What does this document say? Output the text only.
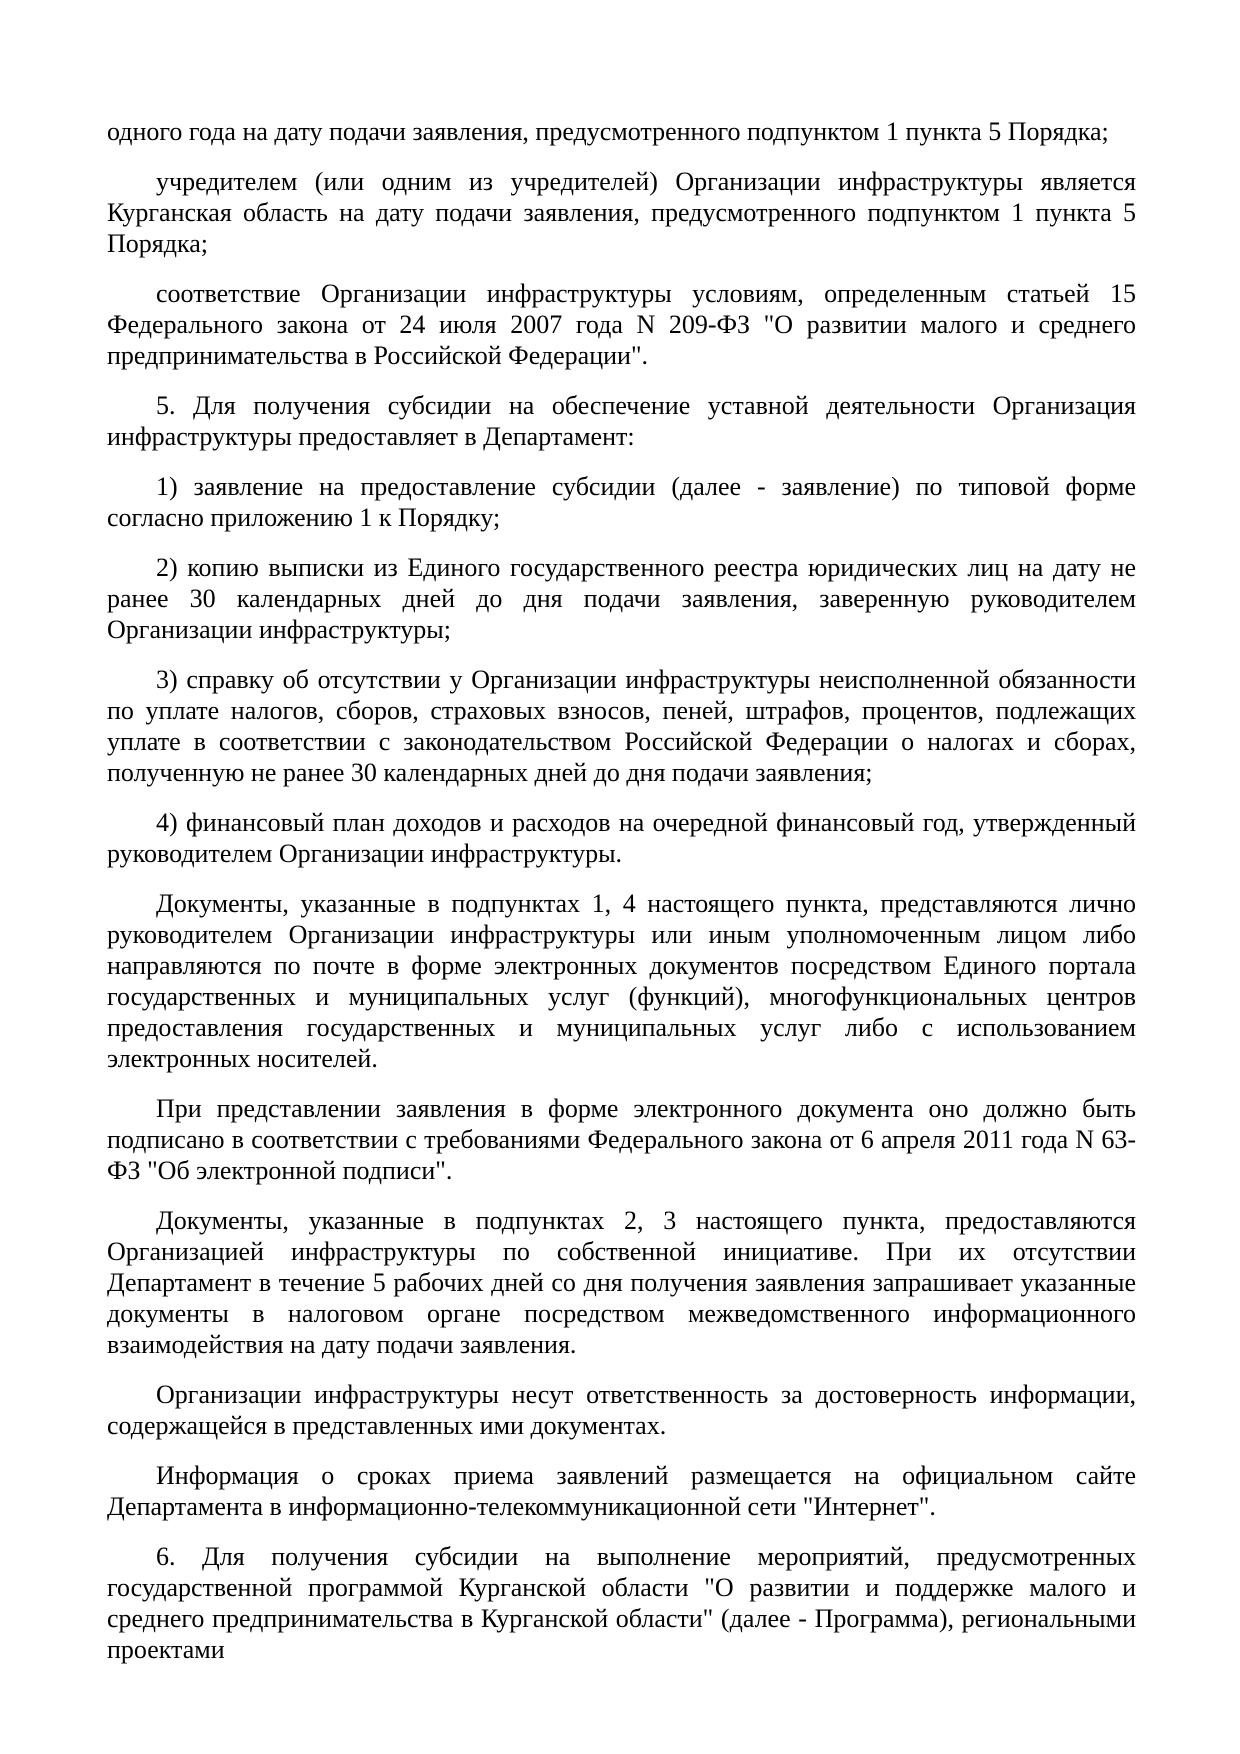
одного года на дату подачи заявления, предусмотренного подпунктом 1 пункта 5 Порядка;

учредителем (или одним из учредителей) Организации инфраструктуры является Курганская область на дату подачи заявления, предусмотренного подпунктом 1 пункта 5 Порядка;

соответствие Организации инфраструктуры условиям, определенным статьей 15 Федерального закона от 24 июля 2007 года N 209-ФЗ "О развитии малого и среднего предпринимательства в Российской Федерации".

5. Для получения субсидии на обеспечение уставной деятельности Организация инфраструктуры предоставляет в Департамент:

1) заявление на предоставление субсидии (далее - заявление) по типовой форме согласно приложению 1 к Порядку;

2) копию выписки из Единого государственного реестра юридических лиц на дату не ранее 30 календарных дней до дня подачи заявления, заверенную руководителем Организации инфраструктуры;

3) справку об отсутствии у Организации инфраструктуры неисполненной обязанности по уплате налогов, сборов, страховых взносов, пеней, штрафов, процентов, подлежащих уплате в соответствии с законодательством Российской Федерации о налогах и сборах, полученную не ранее 30 календарных дней до дня подачи заявления;

4) финансовый план доходов и расходов на очередной финансовый год, утвержденный руководителем Организации инфраструктуры.

Документы, указанные в подпунктах 1, 4 настоящего пункта, представляются лично руководителем Организации инфраструктуры или иным уполномоченным лицом либо направляются по почте в форме электронных документов посредством Единого портала государственных и муниципальных услуг (функций), многофункциональных центров предоставления государственных и муниципальных услуг либо с использованием электронных носителей.

При представлении заявления в форме электронного документа оно должно быть подписано в соответствии с требованиями Федерального закона от 6 апреля 2011 года N 63-ФЗ "Об электронной подписи".

Документы, указанные в подпунктах 2, 3 настоящего пункта, предоставляются Организацией инфраструктуры по собственной инициативе. При их отсутствии Департамент в течение 5 рабочих дней со дня получения заявления запрашивает указанные документы в налоговом органе посредством межведомственного информационного взаимодействия на дату подачи заявления.

Организации инфраструктуры несут ответственность за достоверность информации, содержащейся в представленных ими документах.

Информация о сроках приема заявлений размещается на официальном сайте Департамента в информационно-телекоммуникационной сети "Интернет".

6. Для получения субсидии на выполнение мероприятий, предусмотренных государственной программой Курганской области "О развитии и поддержке малого и среднего предпринимательства в Курганской области" (далее - Программа), региональными проектами
